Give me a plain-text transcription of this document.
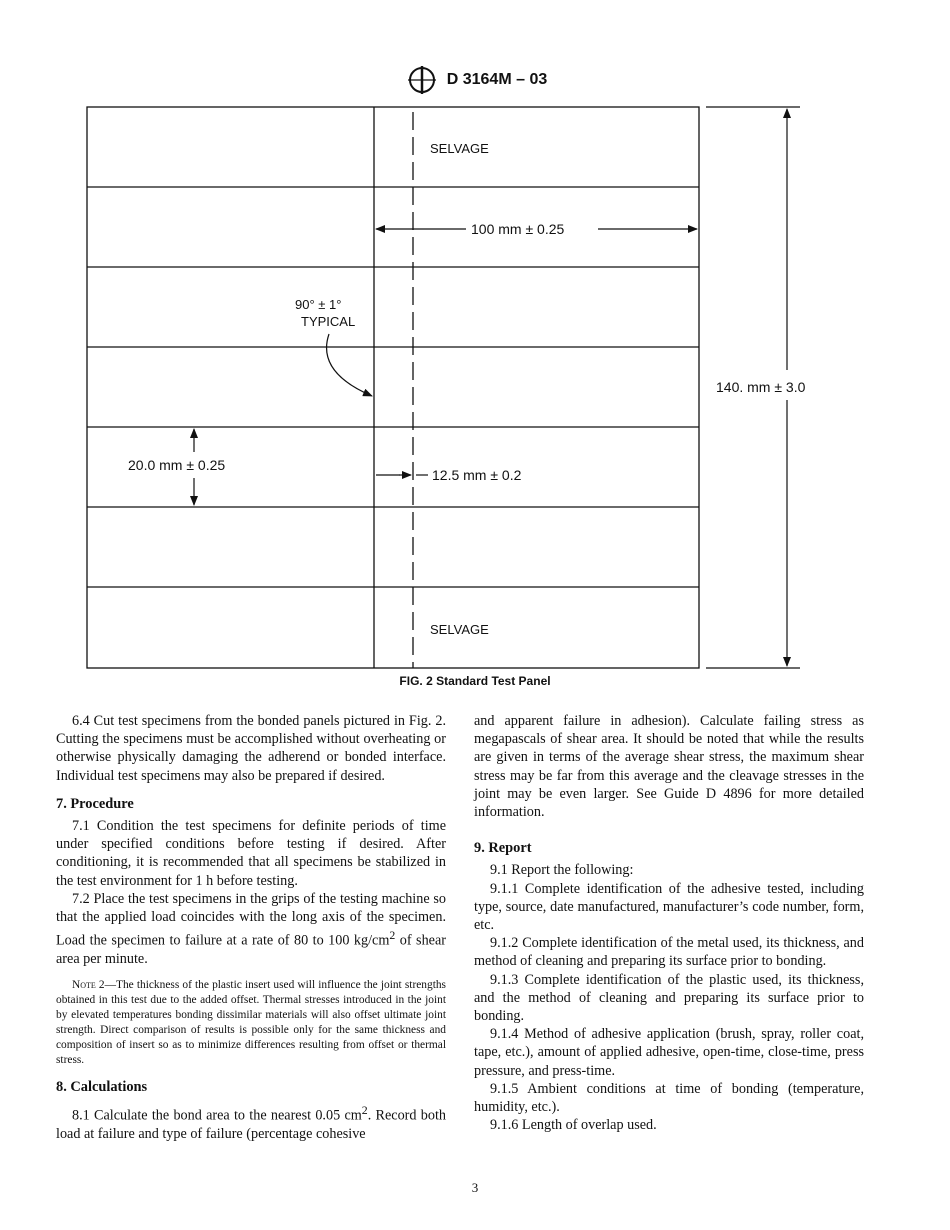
D 3164M – 03
SELVAGE
SELVAGE
100 mm ± 0.25
140. mm ± 3.0
20.0 mm ± 0.25
12.5 mm ± 0.2
90° ± 1°
TYPICAL
FIG. 2 Standard Test Panel

6.4 Cut test specimens from the bonded panels pictured in Fig. 2. Cutting the specimens must be accomplished without overheating or otherwise physically damaging the adherend or bonded interface. Individual test specimens may also be prepared if desired.

7. Procedure

7.1 Condition the test specimens for definite periods of time under specified conditions before testing if desired. After conditioning, it is recommended that all specimens be stabilized in the test environment for 1 h before testing.

7.2 Place the test specimens in the grips of the testing machine so that the applied load coincides with the long axis of the specimen. Load the specimen to failure at a rate of 80 to 100 $kg/cm^2$ of shear area per minute.

Note 2—The thickness of the plastic insert used will influence the joint strengths obtained in this test due to the added offset. Thermal stresses introduced in the joint by elevated temperatures bonding dissimilar materials will also offset ultimate joint strength. Direct comparison of results is possible only for the same thickness and composition of insert so as to minimize differences resulting from offset or thermal stress.
8. Calculations

8.1 Calculate the bond area to the nearest 0.05 $cm^2$. Record both load at failure and type of failure (percentage cohesive

and apparent failure in adhesion). Calculate failing stress as megapascals of shear area. It should be noted that while the results are given in terms of the average shear stress, the maximum shear stress may be far from this average and the cleavage stresses in the joint may be even larger. See Guide D 4896 for more detailed information.

9. Report

9.1 Report the following:

9.1.1 Complete identification of the adhesive tested, including type, source, date manufactured, manufacturer’s code number, form, etc.

9.1.2 Complete identification of the metal used, its thickness, and method of cleaning and preparing its surface prior to bonding.

9.1.3 Complete identification of the plastic used, its thickness, and the method of cleaning and preparing its surface prior to bonding.

9.1.4 Method of adhesive application (brush, spray, roller coat, tape, etc.), amount of applied adhesive, open-time, close-time, press pressure, and press-time.

9.1.5 Ambient conditions at time of bonding (temperature, humidity, etc.).

9.1.6 Length of overlap used.

3
